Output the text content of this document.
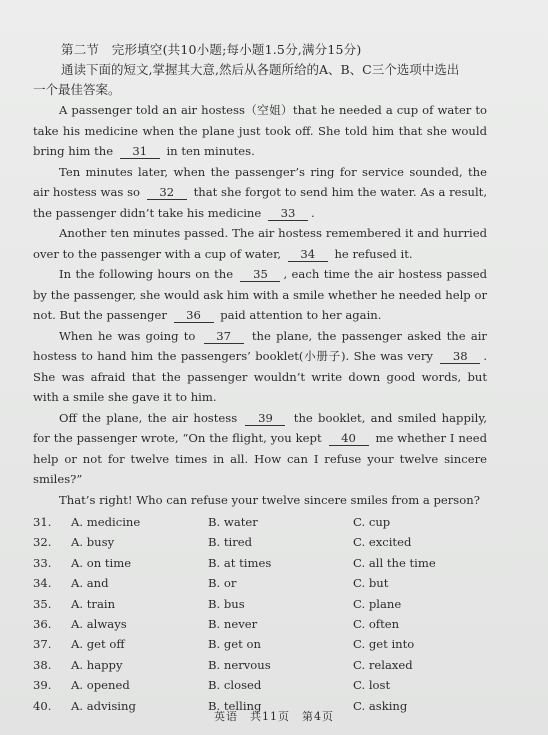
第二节　完形填空(共10小题;每小题1.5分,满分15分)
通读下面的短文,掌握其大意,然后从各题所给的A、B、C三个选项中选出
一个最佳答案。

A passenger told an air hostess（空姐）that he needed a cup of water to take his medicine when the plane just took off. She told him that she would bring him the 31 in ten minutes.

Ten minutes later, when the passenger’s ring for service sounded, the air hostess was so 32 that she forgot to send him the water. As a result, the passenger didn’t take his medicine 33 .

Another ten minutes passed. The air hostess remembered it and hurried over to the passenger with a cup of water, 34 he refused it.

In the following hours on the 35 , each time the air hostess passed by the passenger, she would ask him with a smile whether he needed help or not. But the passenger 36 paid attention to her again.

When he was going to 37 the plane, the passenger asked the air hostess to hand him the passengers’ booklet(小册子). She was very 38 . She was afraid that the passenger wouldn’t write down good words, but with a smile she gave it to him.

Off the plane, the air hostess 39 the booklet, and smiled happily, for the passenger wrote, “On the flight, you kept 40 me whether I need help or not for twelve times in all. How can I refuse your twelve sincere smiles?”

That’s right! Who can refuse your twelve sincere smiles from a person?

31. A. medicine	B. water	C. cup
32. A. busy	B. tired	C. excited
33. A. on time	B. at times	C. all the time
34. A. and	B. or	C. but
35. A. train	B. bus	C. plane
36. A. always	B. never	C. often
37. A. get off	B. get on	C. get into
38. A. happy	B. nervous	C. relaxed
39. A. opened	B. closed	C. lost
40. A. advising	B. telling	C. asking
英语　共11页　第4页
